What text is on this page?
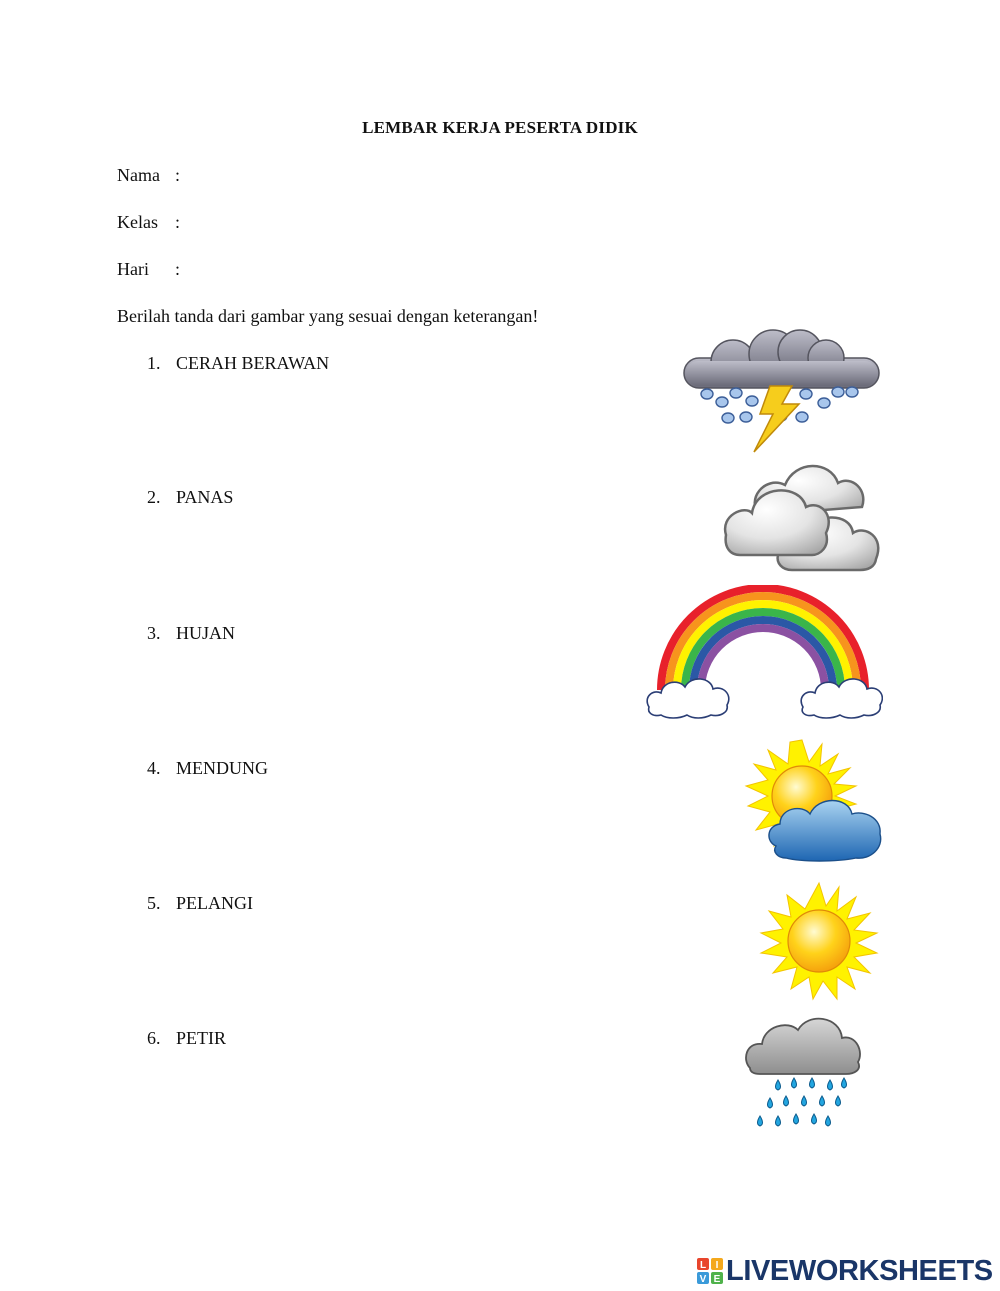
LEMBAR KERJA PESERTA DIDIK
Nama :
Kelas :
Hari :
Berilah tanda dari gambar yang sesuai dengan keterangan!
1. CERAH BERAWAN
2. PANAS
3. HUJAN
4. MENDUNG
5. PELANGI
6. PETIR
L I
V E LIVEWORKSHEETS
